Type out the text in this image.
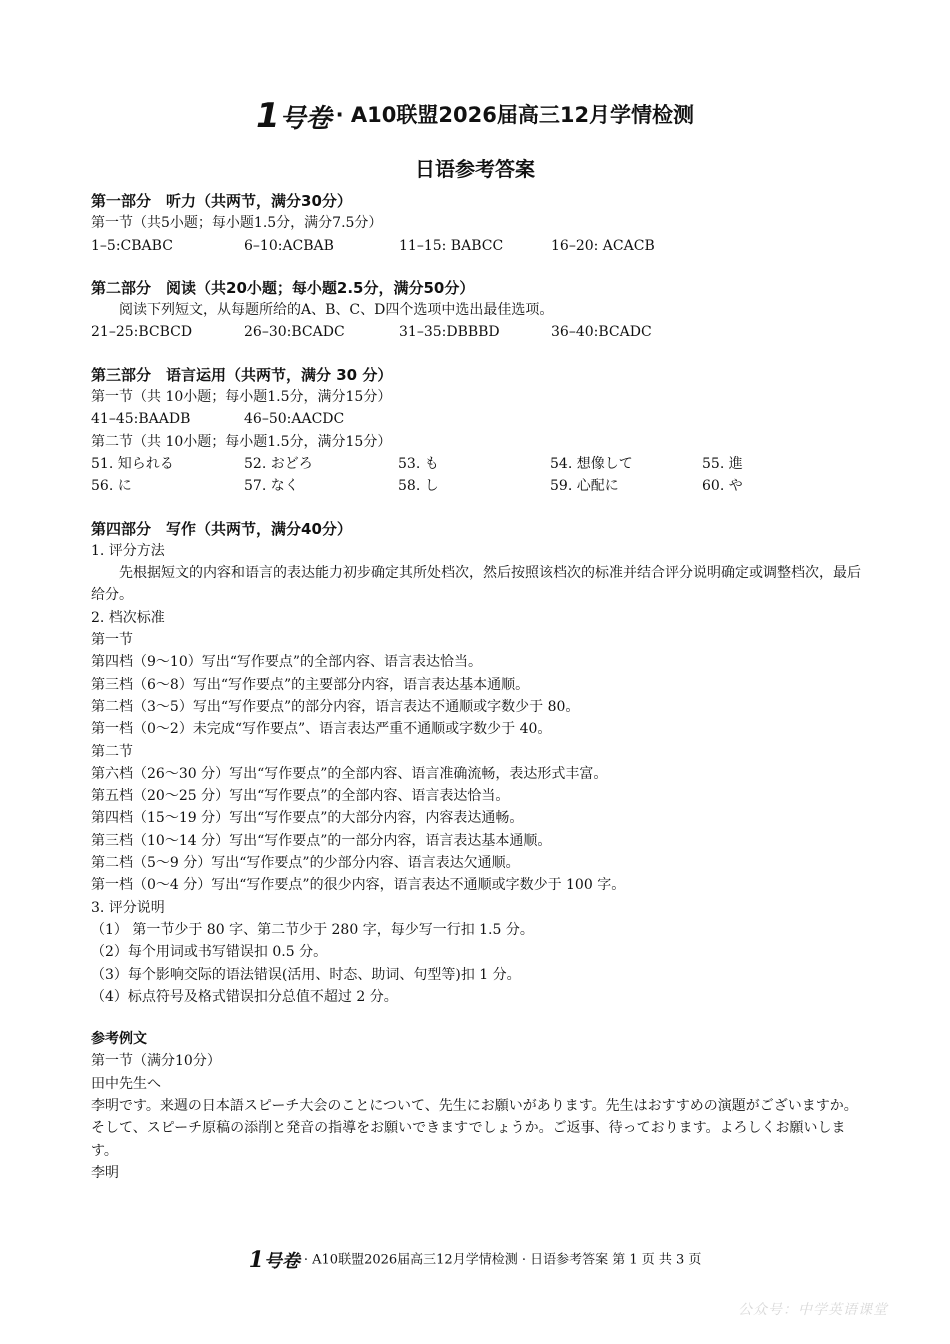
1号卷 · A10联盟2026届高三12月学情检测
日语参考答案
第一部分　听力（共两节，满分30分）
第一节（共5小题；每小题1.5分，满分7.5分）
1–5:CBABC	6–10:ACBAB	11–15: BABCC	16–20: ACACB
第二部分　阅读（共20小题；每小题2.5分，满分50分）
阅读下列短文，从每题所给的A、B、C、D四个选项中选出最佳选项。
21–25:BCBCD	26–30:BCADC	31–35:DBBBD	36–40:BCADC
第三部分　语言运用（共两节，满分 30 分）
第一节（共 10小题；每小题1.5分，满分15分）
41–45:BAADB	46–50:AACDC
第二节（共 10小题；每小题1.5分，满分15分）
51. 知られる	52. おどろ	53. も	54. 想像して	55. 進
56. に	57. なく	58. し	59. 心配に	60. や
第四部分　写作（共两节，满分40分）
1. 评分方法
先根据短文的内容和语言的表达能力初步确定其所处档次，然后按照该档次的标准并结合评分说明确定或调整档次，最后给分。
2. 档次标准
第一节
第四档（9～10）写出“写作要点”的全部内容、语言表达恰当。
第三档（6～8）写出“写作要点”的主要部分内容，语言表达基本通顺。
第二档（3～5）写出“写作要点”的部分内容，语言表达不通顺或字数少于 80。
第一档（0～2）未完成“写作要点”、语言表达严重不通顺或字数少于 40。
第二节
第六档（26～30 分）写出“写作要点”的全部内容、语言准确流畅，表达形式丰富。
第五档（20～25 分）写出“写作要点”的全部内容、语言表达恰当。
第四档（15～19 分）写出“写作要点”的大部分内容，内容表达通畅。
第三档（10～14 分）写出“写作要点”的一部分内容，语言表达基本通顺。
第二档（5～9 分）写出“写作要点”的少部分内容、语言表达欠通顺。
第一档（0～4 分）写出“写作要点”的很少内容，语言表达不通顺或字数少于 100 字。
3. 评分说明
（1） 第一节少于 80 字、第二节少于 280 字，每少写一行扣 1.5 分。
（2）每个用词或书写错误扣 0.5 分。
（3）每个影响交际的语法错误(活用、时态、助词、句型等)扣 1 分。
（4）标点符号及格式错误扣分总值不超过 2 分。
参考例文
第一节（满分10分）
田中先生へ
李明です。来週の日本語スピーチ大会のことについて、先生にお願いがあります。先生はおすすめの演題がございますか。そして、スピーチ原稿の添削と発音の指導をお願いできますでしょうか。ご返事、待っております。よろしくお願いします。
李明
1号卷 · A10联盟2026届高三12月学情检测 · 日语参考答案 第 1 页 共 3 页
公众号：中学英语课堂
